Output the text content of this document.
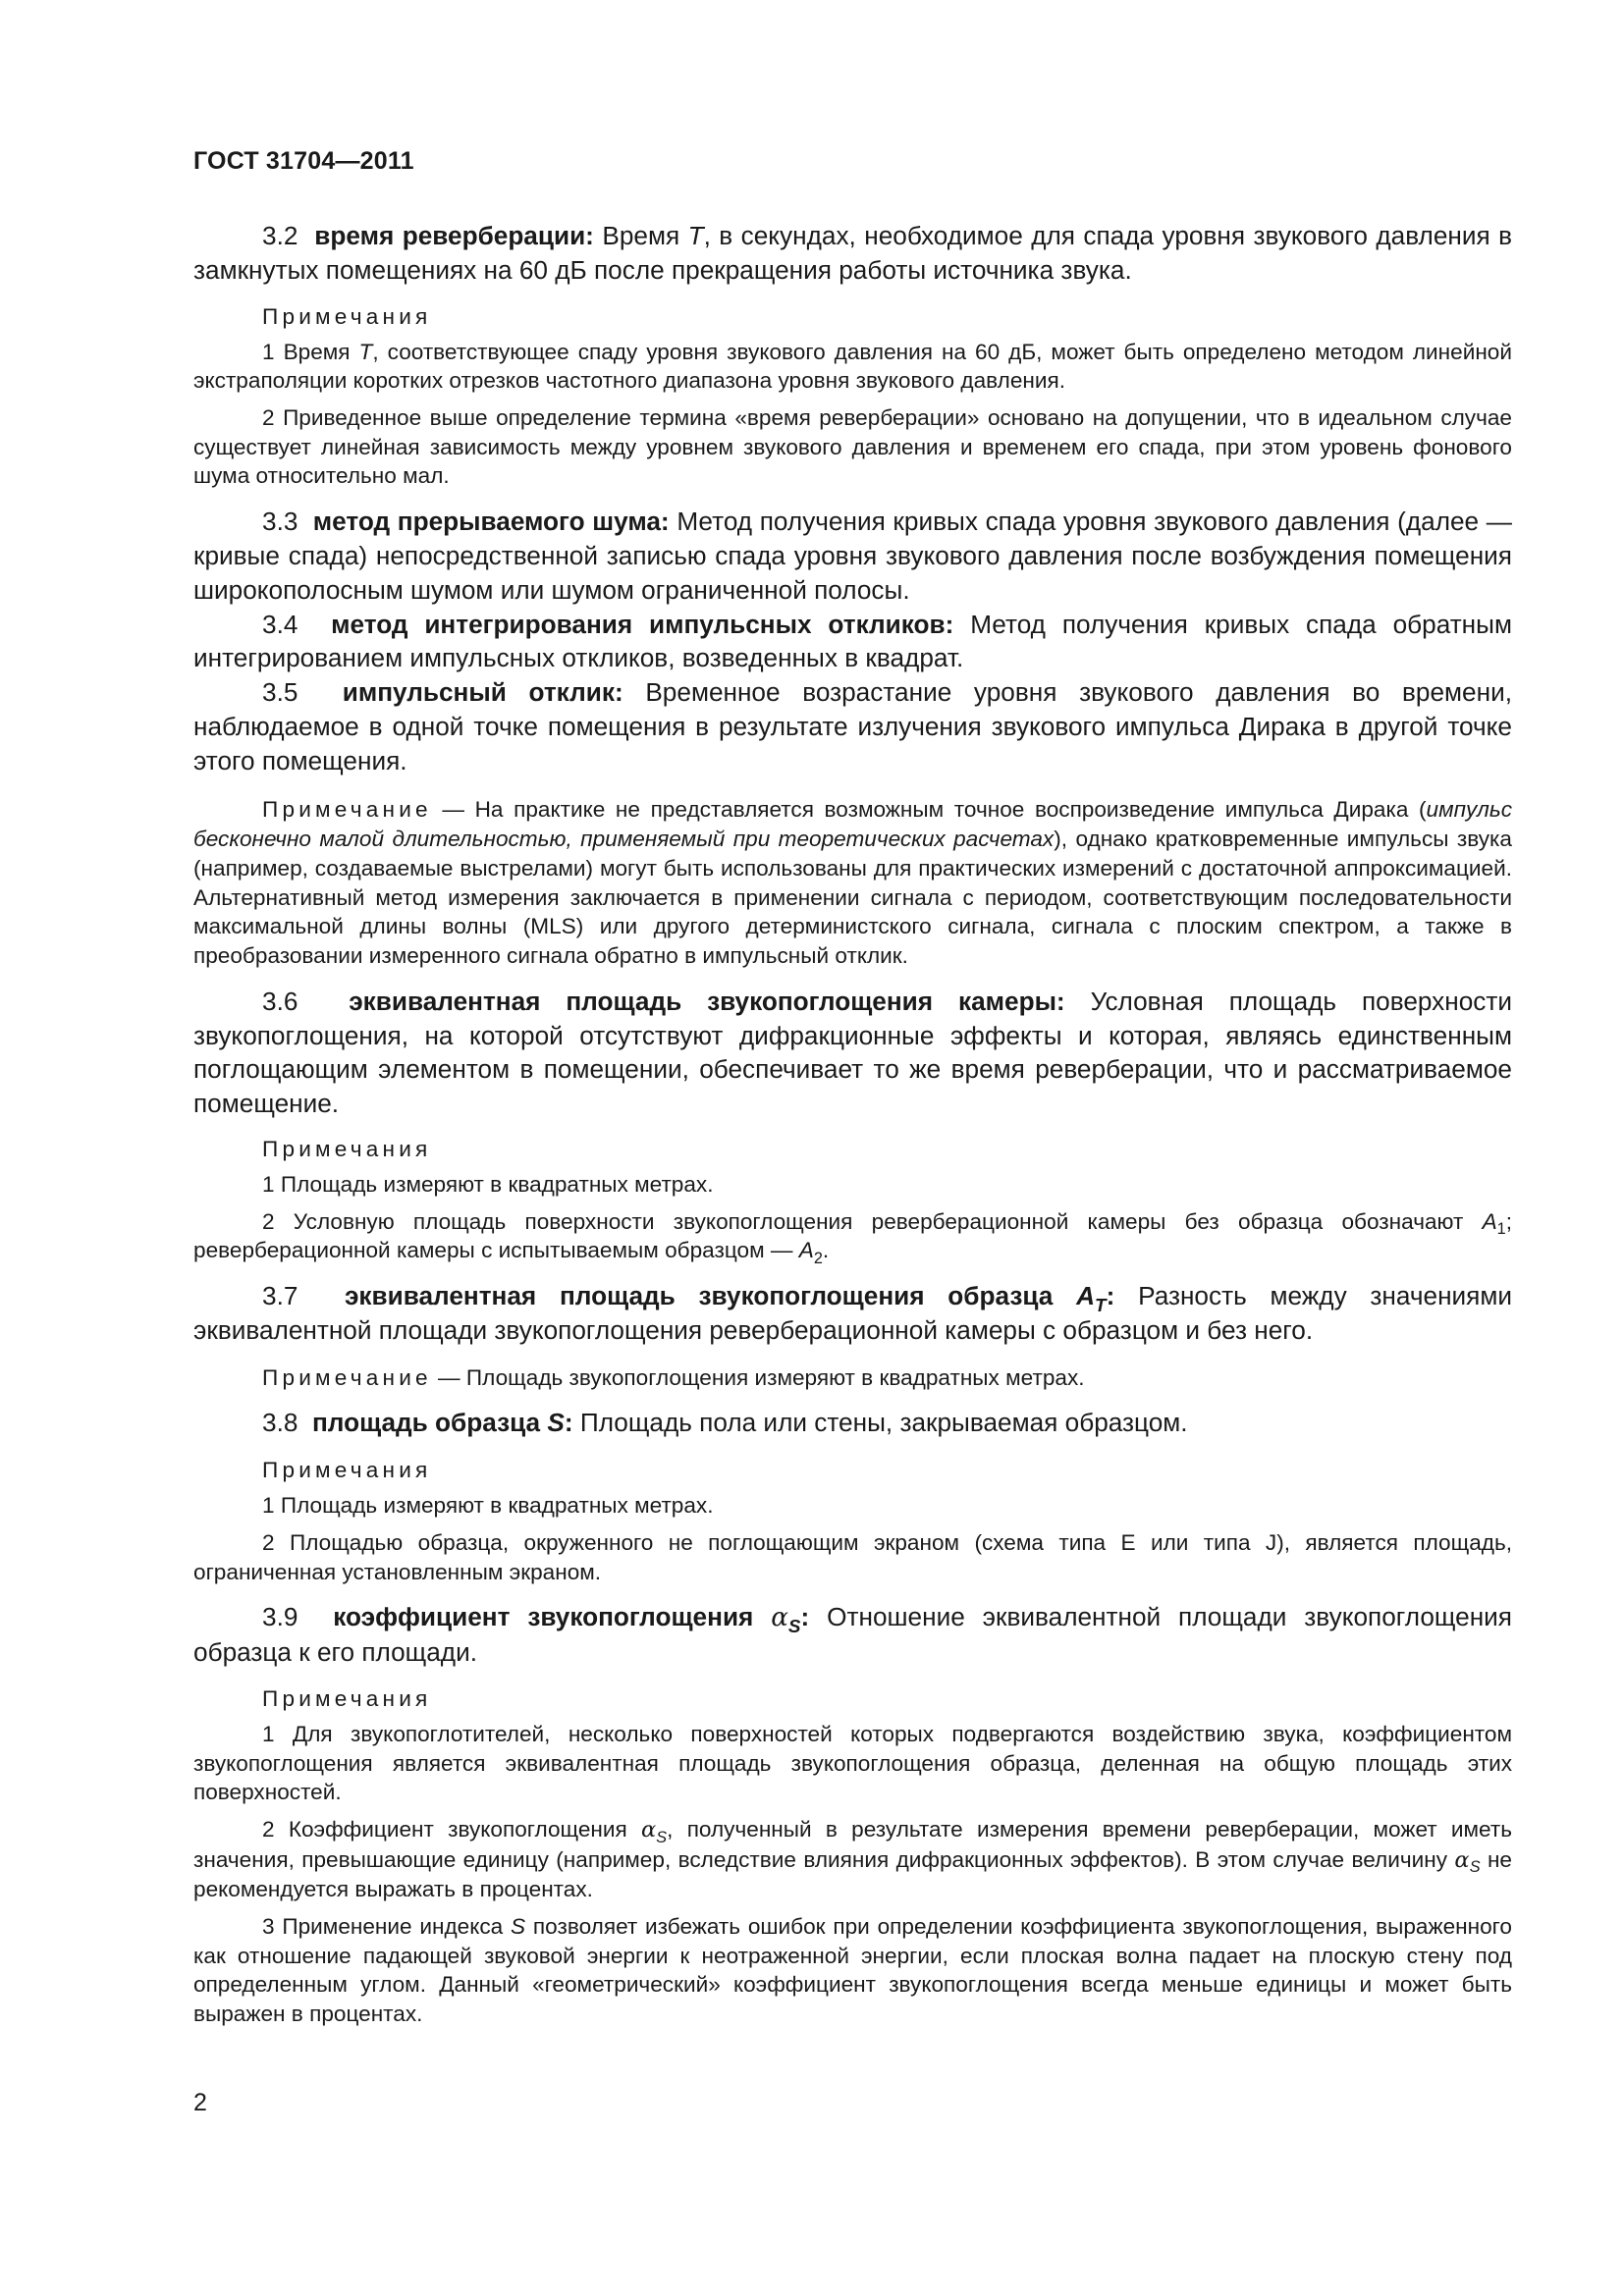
ГОСТ 31704—2011

3.2 время реверберации: Время T, в секундах, необходимое для спада уровня звукового давления в замкнутых помещениях на 60 дБ после прекращения работы источника звука.

Примечания

1 Время T, соответствующее спаду уровня звукового давления на 60 дБ, может быть определено методом линейной экстраполяции коротких отрезков частотного диапазона уровня звукового давления.

2 Приведенное выше определение термина «время реверберации» основано на допущении, что в идеальном случае существует линейная зависимость между уровнем звукового давления и временем его спада, при этом уровень фонового шума относительно мал.

3.3 метод прерываемого шума: Метод получения кривых спада уровня звукового давления (далее — кривые спада) непосредственной записью спада уровня звукового давления после возбуждения помещения широкополосным шумом или шумом ограниченной полосы.

3.4 метод интегрирования импульсных откликов: Метод получения кривых спада обратным интегрированием импульсных откликов, возведенных в квадрат.

3.5 импульсный отклик: Временное возрастание уровня звукового давления во времени, наблюдаемое в одной точке помещения в результате излучения звукового импульса Дирака в другой точке этого помещения.

Примечание — На практике не представляется возможным точное воспроизведение импульса Дирака (импульс бесконечно малой длительностью, применяемый при теоретических расчетах), однако кратковременные импульсы звука (например, создаваемые выстрелами) могут быть использованы для практических измерений с достаточной аппроксимацией. Альтернативный метод измерения заключается в применении сигнала с периодом, соответствующим последовательности максимальной длины волны (MLS) или другого детерминистского сигнала, сигнала с плоским спектром, а также в преобразовании измеренного сигнала обратно в импульсный отклик.

3.6 эквивалентная площадь звукопоглощения камеры: Условная площадь поверхности звукопоглощения, на которой отсутствуют дифракционные эффекты и которая, являясь единственным поглощающим элементом в помещении, обеспечивает то же время реверберации, что и рассматриваемое помещение.

Примечания

1 Площадь измеряют в квадратных метрах.

2 Условную площадь поверхности звукопоглощения реверберационной камеры без образца обозначают $A_1$; реверберационной камеры с испытываемым образцом — $A_2$.

3.7 эквивалентная площадь звукопоглощения образца $A_T$: Разность между значениями эквивалентной площади звукопоглощения реверберационной камеры с образцом и без него.

Примечание — Площадь звукопоглощения измеряют в квадратных метрах.

3.8 площадь образца S: Площадь пола или стены, закрываемая образцом.

Примечания

1 Площадь измеряют в квадратных метрах.

2 Площадью образца, окруженного не поглощающим экраном (схема типа E или типа J), является площадь, ограниченная установленным экраном.

3.9 коэффициент звукопоглощения $\alpha_S$: Отношение эквивалентной площади звукопоглощения образца к его площади.

Примечания

1 Для звукопоглотителей, несколько поверхностей которых подвергаются воздействию звука, коэффициентом звукопоглощения является эквивалентная площадь звукопоглощения образца, деленная на общую площадь этих поверхностей.

2 Коэффициент звукопоглощения $\alpha_S$, полученный в результате измерения времени реверберации, может иметь значения, превышающие единицу (например, вследствие влияния дифракционных эффектов). В этом случае величину $\alpha_S$ не рекомендуется выражать в процентах.

3 Применение индекса S позволяет избежать ошибок при определении коэффициента звукопоглощения, выраженного как отношение падающей звуковой энергии к неотраженной энергии, если плоская волна падает на плоскую стену под определенным углом. Данный «геометрический» коэффициент звукопоглощения всегда меньше единицы и может быть выражен в процентах.

2
